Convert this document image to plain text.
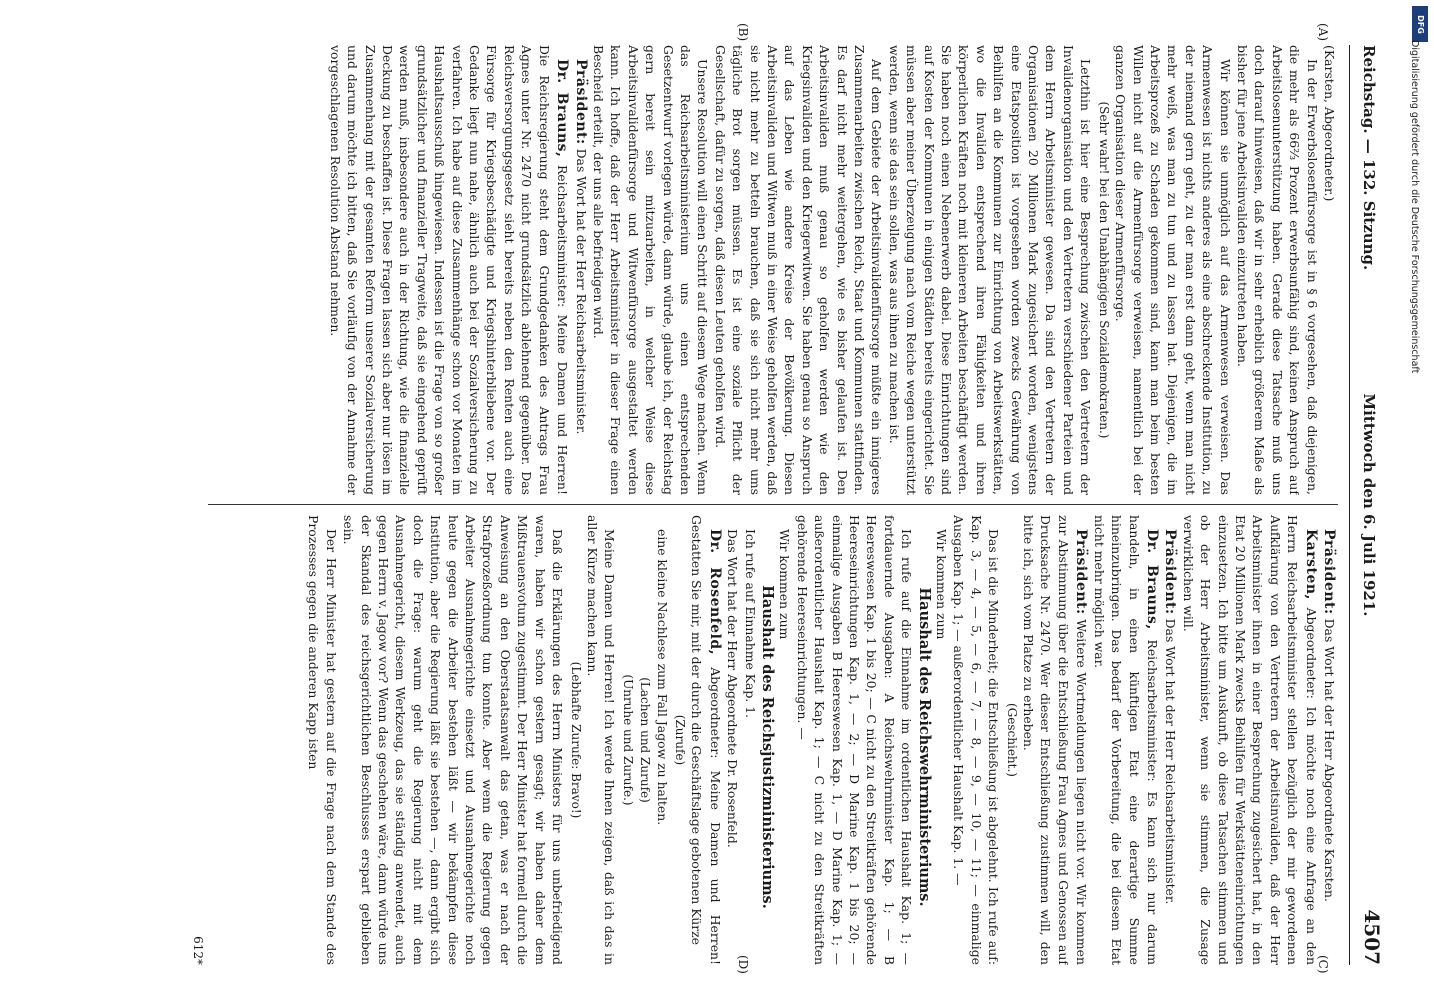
Reichstag. — 132. Sitzung.
Mittwoch den 6. Juli 1921.
4507
(A)
(B)
(C)
(D)

(Karsten, Abgeordneter.)

In der Erwerbslosenfürsorge ist in § 6 vorgesehen, daß diejenigen, die mehr als 66⅔ Prozent erwerbsunfähig sind, keinen Anspruch auf Arbeitslosenunterstützung haben. Gerade diese Tatsache muß uns doch darauf hinweisen, daß wir in sehr erheblich größerem Maße als bisher für jene Arbeitsinvaliden einzutreten haben.

Wir können sie unmöglich auf das Armenwesen verweisen. Das Armenwesen ist nichts anderes als eine abschreckende Institution, zu der niemand gern geht, zu der man erst dann geht, wenn man nicht mehr weiß, was man zu tun und zu lassen hat. Diejenigen, die im Arbeitsprozeß zu Schaden gekommen sind, kann man beim besten Willen nicht auf die Armenfürsorge verweisen, namentlich bei der ganzen Organisation dieser Armenfürsorge.

(Sehr wahr! bei den Unabhängigen Sozialdemokraten.)

Letzthin ist hier eine Besprechung zwischen den Vertretern der Invalidenorganisation und den Vertretern verschiedener Parteien und dem Herrn Arbeitsminister gewesen. Da sind den Vertretern der Organisationen 20 Millionen Mark zugesichert worden, wenigstens eine Etatsposition ist vorgesehen worden zwecks Gewährung von Beihilfen an die Kommunen zur Einrichtung von Arbeitswerkstätten, wo die Invaliden entsprechend ihren Fähigkeiten und ihren körperlichen Kräften noch mit kleineren Arbeiten beschäftigt werden. Sie haben noch einen Nebenerwerb dabei. Diese Einrichtungen sind auf Kosten der Kommunen in einigen Städten bereits eingerichtet. Sie müssen aber meiner Überzeugung nach vom Reiche wegen unterstützt werden, wenn sie das sein sollen, was aus ihnen zu machen ist.

Auf dem Gebiete der Arbeitsinvalidenfürsorge müßte ein innigeres Zusammenarbeiten zwischen Reich, Staat und Kommunen stattfinden. Es darf nicht mehr weitergehen, wie es bisher gelaufen ist. Den Arbeitsinvaliden muß genau so geholfen werden wie den Kriegsinvaliden und den Kriegerwitwen. Sie haben genau so Anspruch auf das Leben wie andere Kreise der Bevölkerung. Diesen Arbeitsinvaliden und Witwen muß in einer Weise geholfen werden, daß sie nicht mehr zu betteln brauchen, daß sie sich nicht mehr ums tägliche Brot sorgen müssen. Es ist eine soziale Pflicht der Gesellschaft, dafür zu sorgen, daß diesen Leuten geholfen wird.

Unsere Resolution will einen Schritt auf diesem Wege machen. Wenn das Reichsarbeitsministerium uns einen entsprechenden Gesetzentwurf vorlegen würde, dann würde, glaube ich, der Reichstag gern bereit sein mitzuarbeiten, in welcher Weise diese Arbeitsinvalidenfürsorge und Witwenfürsorge ausgestaltet werden kann. Ich hoffe, daß der Herr Arbeitsminister in dieser Frage einen Bescheid erteilt, der uns alle befriedigen wird.

Präsident: Das Wort hat der Herr Reichsarbeitsminister.

Dr. Brauns, Reichsarbeitsminister: Meine Damen und Herren! Die Reichsregierung steht dem Grundgedanken des Antrags Frau Agnes unter Nr. 2470 nicht grundsätzlich ablehnend gegenüber. Das Reichsversorgungsgesetz sieht bereits neben den Renten auch eine Fürsorge für Kriegsbeschädigte und Kriegshinterbliebene vor. Der Gedanke liegt nun nahe, ähnlich auch bei der Sozialversicherung zu verfahren. Ich habe auf diese Zusammenhänge schon vor Monaten im Haushaltsausschuß hingewiesen. Indessen ist die Frage von so großer grundsätzlicher und finanzieller Tragweite, daß sie eingehend geprüft werden muß, insbesondere auch in der Richtung, wie die finanzielle Deckung zu beschaffen ist. Diese Fragen lassen sich aber nur lösen im Zusammenhang mit der gesamten Reform unserer Sozialversicherung und darum möchte ich bitten, daß Sie vorläufig von der Annahme der vorgeschlagenen Resolution Abstand nehmen.

Präsident: Das Wort hat der Herr Abgeordnete Karsten.

Karsten, Abgeordneter: Ich möchte noch eine Anfrage an den Herrn Reichsarbeitsminister stellen bezüglich der mir gewordenen Aufklärung von den Vertretern der Arbeitsinvaliden, daß der Herr Arbeitsminister ihnen in einer Besprechung zugesichert hat, in den Etat 20 Millionen Mark zwecks Beihilfen für Werkstätteneinrichtungen einzusetzen. Ich bitte um Auskunft, ob diese Tatsachen stimmen und ob der Herr Arbeitsminister, wenn sie stimmen, die Zusage verwirklichen will.

Präsident: Das Wort hat der Herr Reichsarbeitsminister.

Dr. Brauns, Reichsarbeitsminister: Es kann sich nur darum handeln, in einen künftigen Etat eine derartige Summe hineinzubringen. Das bedarf der Vorbereitung, die bei diesem Etat nicht mehr möglich war.

Präsident: Weitere Wortmeldungen liegen nicht vor. Wir kommen zur Abstimmung über die Entschließung Frau Agnes und Genossen auf Drucksache Nr. 2470. Wer dieser Entschließung zustimmen will, den bitte ich, sich vom Platze zu erheben.

(Geschieht.)

Das ist die Minderheit; die Entschließung ist abgelehnt. Ich rufe auf: Kap. 3, — 4, — 5, — 6, — 7, — 8, — 9, — 10, — 11; — einmalige Ausgaben Kap. 1; — außerordentlicher Haushalt Kap. 1. —

Wir kommen zum

Haushalt des Reichswehrministeriums.

Ich rufe auf die Einnahme im ordentlichen Haushalt Kap. 1; — fortdauernde Ausgaben: A Reichswehrminister Kap. 1; — B Heereswesen Kap. 1 bis 20; — C nicht zu den Streitkräften gehörende Heereseinrichtungen Kap. 1, — 2; — D Marine Kap. 1 bis 20; — einmalige Ausgaben B Heereswesen Kap. 1, — D Marine Kap. 1; — außerordentlicher Haushalt Kap. 1; — C nicht zu den Streitkräften gehörende Heereseinrichtungen. —

Wir kommen zum

Haushalt des Reichsjustizministeriums.

Ich rufe auf Einnahme Kap. 1.

Das Wort hat der Herr Abgeordnete Dr. Rosenfeld.

Dr. Rosenfeld, Abgeordneter: Meine Damen und Herren! Gestatten Sie mir, mit der durch die Geschäftslage gebotenen Kürze

(Zurufe)

eine kleine Nachlese zum Fall Jagow zu halten.

(Lachen und Zurufe)

(Unruhe und Zurufe.)

Meine Damen und Herren! Ich werde Ihnen zeigen, daß ich das in aller Kürze machen kann.

(Lebhafte Zurufe: Bravo!)

Daß die Erklärungen des Herrn Ministers für uns unbefriedigend waren, haben wir schon gestern gesagt; wir haben daher dem Mißtrauensvotum zugestimmt. Der Herr Minister hat formell durch die Anweisung an den Oberstaatsanwalt das getan, was er nach der Strafprozeßordnung tun konnte. Aber wenn die Regierung gegen Arbeiter Ausnahmegerichte einsetzt und Ausnahmegerichte noch heute gegen die Arbeiter bestehen läßt — wir bekämpfen diese Institution, aber die Regierung läßt sie bestehen —, dann ergibt sich doch die Frage: warum geht die Regierung nicht mit dem Ausnahmegericht, diesem Werkzeug, das sie ständig anwendet, auch gegen Herrn v. Jagow vor? Wenn das geschehen wäre, dann würde uns der Skandal des reichsgerichtlichen Beschlusses erspart geblieben sein.

Der Herr Minister hat gestern auf die Frage nach dem Stande des Prozesses gegen die anderen Kapp isten

612*
DFG
Digitalisierung gefördert durch die Deutsche Forschungsgemeinschaft
